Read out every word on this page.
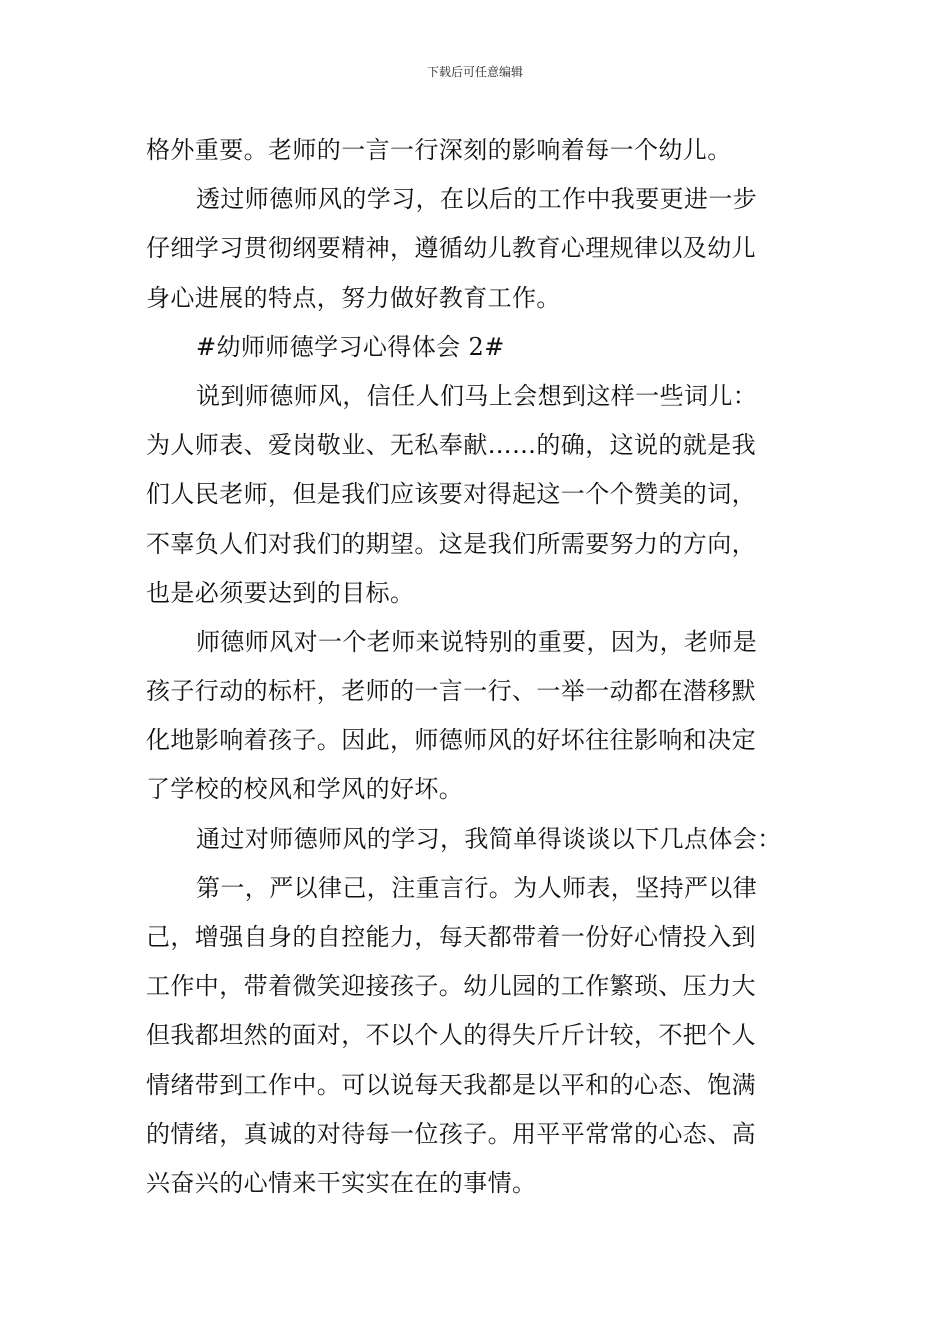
下载后可任意编辑
格外重要。老师的一言一行深刻的影响着每一个幼儿。
透过师德师风的学习，在以后的工作中我要更进一步
仔细学习贯彻纲要精神，遵循幼儿教育心理规律以及幼儿
身心进展的特点，努力做好教育工作。
#幼师师德学习心得体会 2#
说到师德师风，信任人们马上会想到这样一些词儿：
为人师表、爱岗敬业、无私奉献……的确，这说的就是我
们人民老师，但是我们应该要对得起这一个个赞美的词，
不辜负人们对我们的期望。这是我们所需要努力的方向，
也是必须要达到的目标。
师德师风对一个老师来说特别的重要，因为，老师是
孩子行动的标杆，老师的一言一行、一举一动都在潜移默
化地影响着孩子。因此，师德师风的好坏往往影响和决定
了学校的校风和学风的好坏。
通过对师德师风的学习，我简单得谈谈以下几点体会：
第一，严以律己，注重言行。为人师表，坚持严以律
己，增强自身的自控能力，每天都带着一份好心情投入到
工作中，带着微笑迎接孩子。幼儿园的工作繁琐、压力大
但我都坦然的面对，不以个人的得失斤斤计较，不把个人
情绪带到工作中。可以说每天我都是以平和的心态、饱满
的情绪，真诚的对待每一位孩子。用平平常常的心态、高
兴奋兴的心情来干实实在在的事情。
